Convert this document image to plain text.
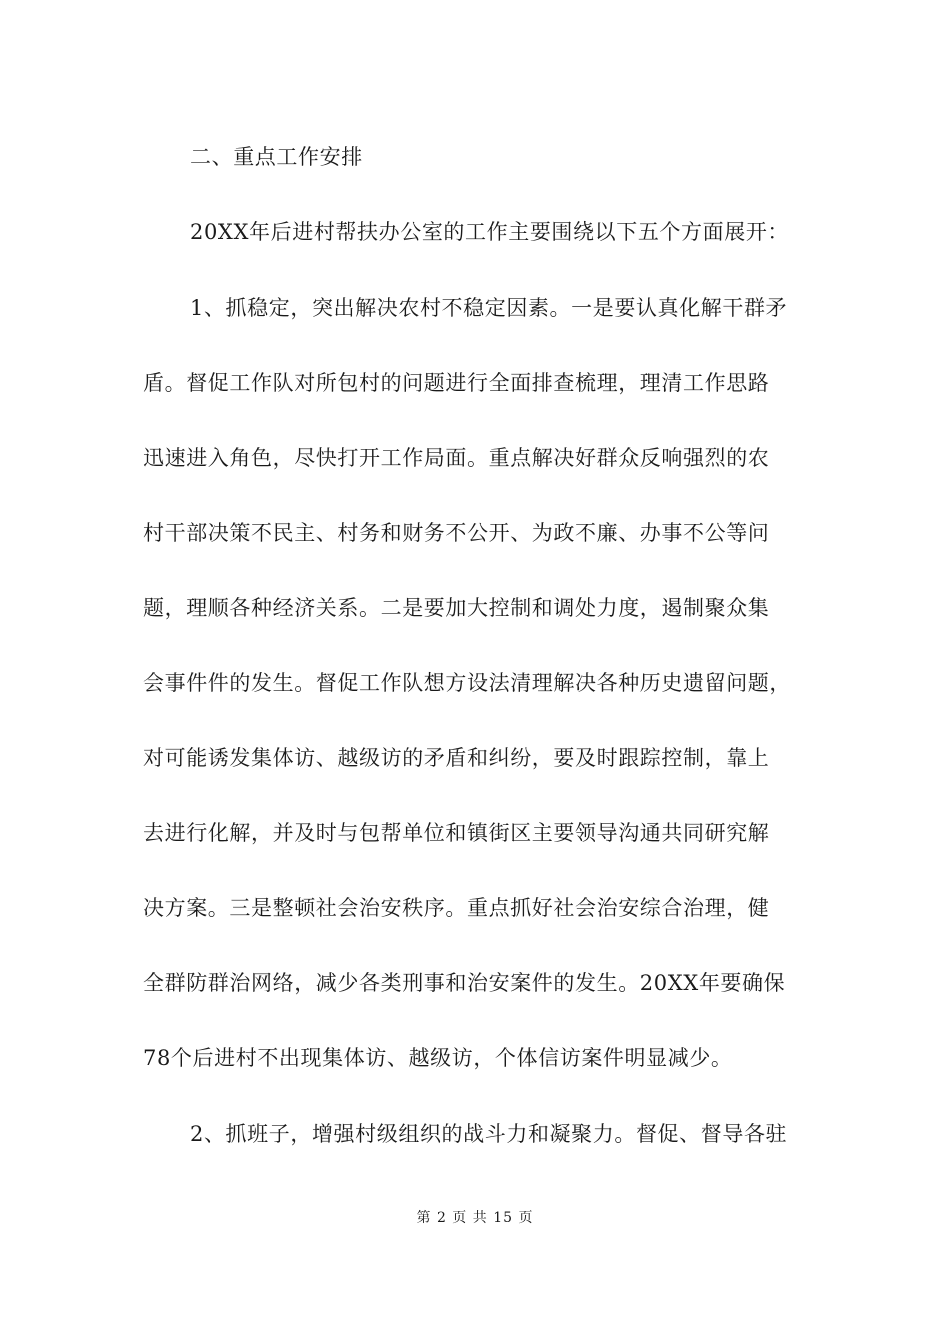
二、重点工作安排
20XX年后进村帮扶办公室的工作主要围绕以下五个方面展开：
1、抓稳定，突出解决农村不稳定因素。一是要认真化解干群矛
盾。督促工作队对所包村的问题进行全面排查梳理，理清工作思路
迅速进入角色，尽快打开工作局面。重点解决好群众反响强烈的农
村干部决策不民主、村务和财务不公开、为政不廉、办事不公等问
题，理顺各种经济关系。二是要加大控制和调处力度，遏制聚众集
会事件件的发生。督促工作队想方设法清理解决各种历史遗留问题，
对可能诱发集体访、越级访的矛盾和纠纷，要及时跟踪控制，靠上
去进行化解，并及时与包帮单位和镇街区主要领导沟通共同研究解
决方案。三是整顿社会治安秩序。重点抓好社会治安综合治理，健
全群防群治网络，减少各类刑事和治安案件的发生。20XX年要确保
78个后进村不出现集体访、越级访，个体信访案件明显减少。
2、抓班子，增强村级组织的战斗力和凝聚力。督促、督导各驻
第 2 页 共 15 页
